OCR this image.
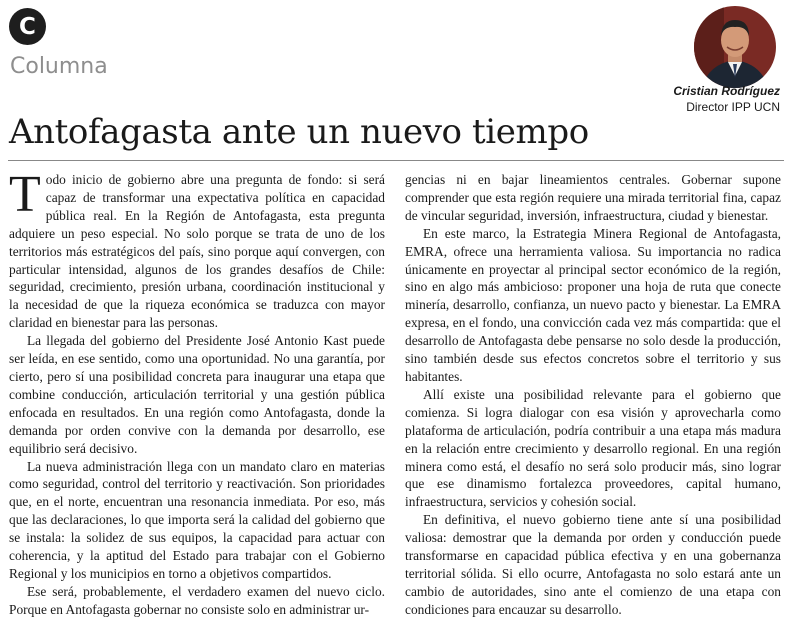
C
Columna
Cristian Rodríguez
Director IPP UCN
Antofagasta ante un nuevo tiempo

Todo inicio de gobierno abre una pregunta de fondo: si será capaz de transformar una expectativa política en capacidad pública real. En la Región de Antofagasta, esta pregunta adquiere un peso especial. No solo porque se trata de uno de los territorios más estratégicos del país, sino porque aquí convergen, con particular intensidad, algunos de los grandes desafíos de Chile: seguridad, crecimiento, presión urbana, coordinación institucional y la necesidad de que la riqueza económica se traduzca con mayor claridad en bienestar para las personas.

La llegada del gobierno del Presidente José Antonio Kast puede ser leída, en ese sentido, como una oportunidad. No una garantía, por cierto, pero sí una posibilidad concreta para inaugurar una etapa que combine conducción, articulación territorial y una gestión pública enfocada en resultados. En una región como Antofagasta, donde la demanda por orden convive con la demanda por desarrollo, ese equilibrio será decisivo.

La nueva administración llega con un mandato claro en materias como seguridad, control del territorio y reactivación. Son prioridades que, en el norte, encuentran una resonancia inmediata. Por eso, más que las declaraciones, lo que importa será la calidad del gobierno que se instala: la solidez de sus equipos, la capacidad para actuar con coherencia, y la aptitud del Estado para trabajar con el Gobierno Regional y los municipios en torno a objetivos compartidos.

Ese será, probablemente, el verdadero examen del nuevo ciclo. Porque en Antofagasta gobernar no consiste solo en administrar ur-

gencias ni en bajar lineamientos centrales. Gobernar supone comprender que esta región requiere una mirada territorial fina, capaz de vincular seguridad, inversión, infraestructura, ciudad y bienestar.

En este marco, la Estrategia Minera Regional de Antofagasta, EMRA, ofrece una herramienta valiosa. Su importancia no radica únicamente en proyectar al principal sector económico de la región, sino en algo más ambicioso: proponer una hoja de ruta que conecte minería, desarrollo, confianza, un nuevo pacto y bienestar. La EMRA expresa, en el fondo, una convicción cada vez más compartida: que el desarrollo de Antofagasta debe pensarse no solo desde la producción, sino también desde sus efectos concretos sobre el territorio y sus habitantes.

Allí existe una posibilidad relevante para el gobierno que comienza. Si logra dialogar con esa visión y aprovecharla como plataforma de articulación, podría contribuir a una etapa más madura en la relación entre crecimiento y desarrollo regional. En una región minera como está, el desafío no será solo producir más, sino lograr que ese dinamismo fortalezca proveedores, capital humano, infraestructura, servicios y cohesión social.

En definitiva, el nuevo gobierno tiene ante sí una posibilidad valiosa: demostrar que la demanda por orden y conducción puede transformarse en capacidad pública efectiva y en una gobernanza territorial sólida. Si ello ocurre, Antofagasta no solo estará ante un cambio de autoridades, sino ante el comienzo de una etapa con condiciones para encauzar su desarrollo.
